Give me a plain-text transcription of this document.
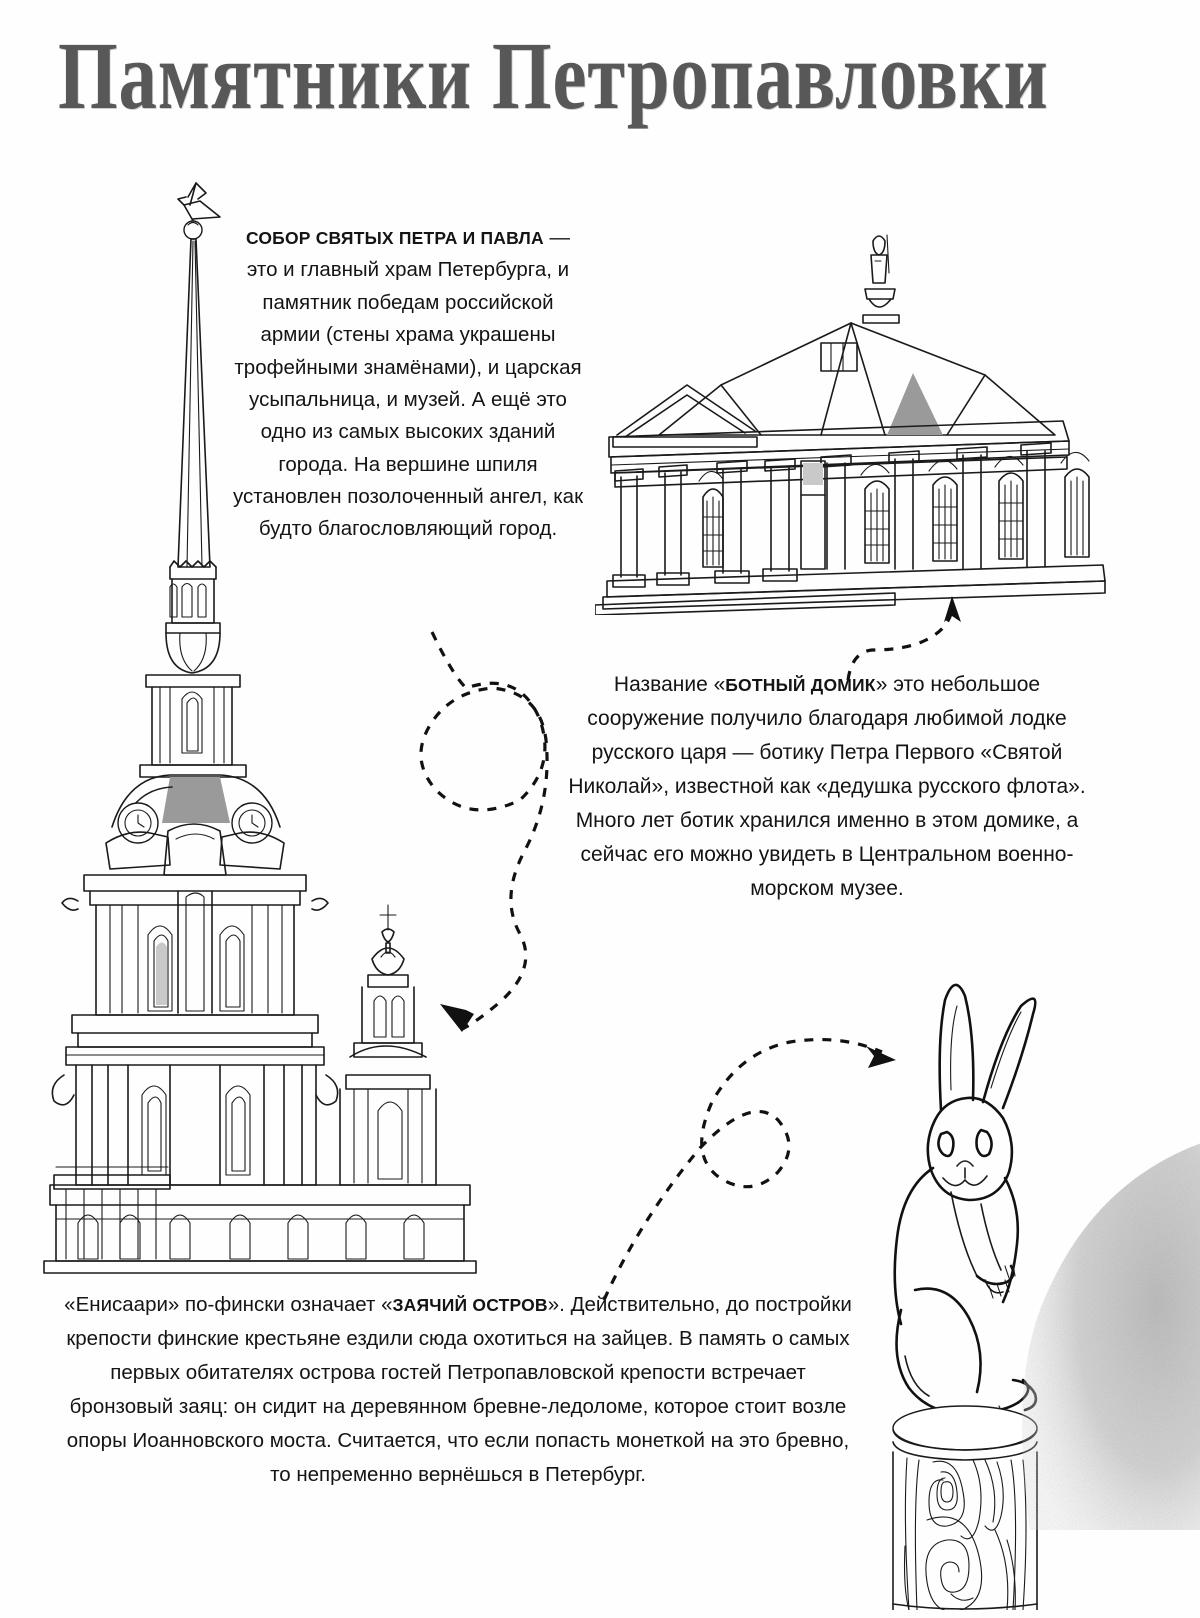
Памятники Петропавловки
СОБОР СВЯТЫХ ПЕТРА И ПАВЛА — это и главный храм Петербурга, и памятник победам российской армии (стены храма украшены трофейными знамёнами), и царская усыпальница, и музей. А ещё это одно из самых высоких зданий города. На вершине шпиля установлен позолоченный ангел, как будто благословляющий город.
Название «БОТНЫЙ ДОМИК» это небольшое сооружение получило благодаря любимой лодке русского царя — ботику Петра Первого «Святой Николай», известной как «дедушка русского флота». Много лет ботик хранился именно в этом домике, а сейчас его можно увидеть в Центральном военно-морском музее.
«Енисаари» по-фински означает «ЗАЯЧИЙ ОСТРОВ». Действительно, до постройки крепости финские крестьяне ездили сюда охотиться на зайцев. В память о самых первых обитателях острова гостей Петропавловской крепости встречает бронзовый заяц: он сидит на деревянном бревне-ледоломе, которое стоит возле опоры Иоанновского моста. Считается, что если попасть монеткой на это бревно, то непременно вернёшься в Петербург.
